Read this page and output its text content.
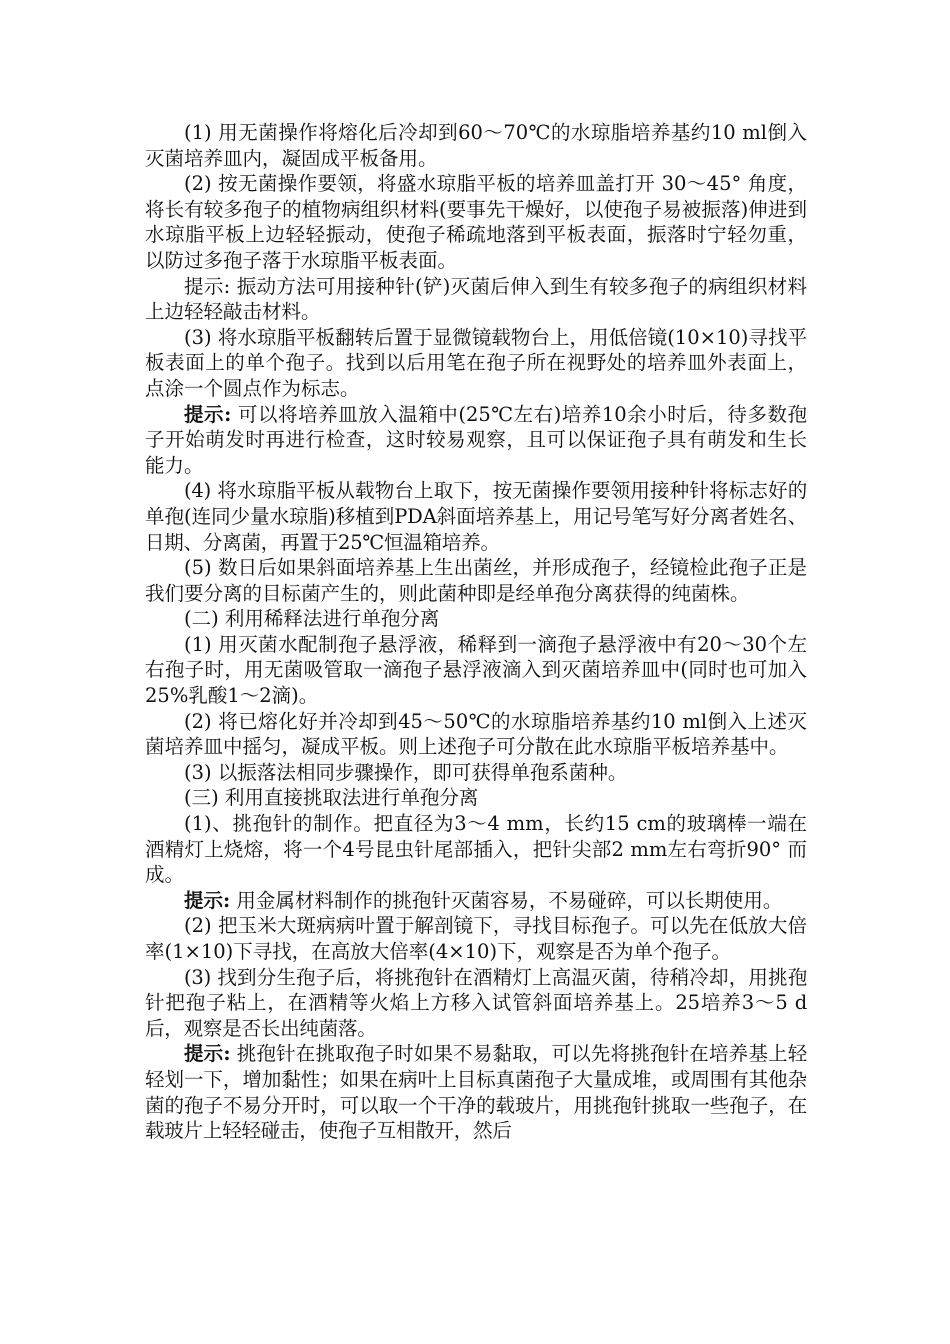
(1) 用无菌操作将熔化后冷却到60～70℃的水琼脂培养基约10 ml倒入灭菌培养皿内，凝固成平板备用。

(2) 按无菌操作要领，将盛水琼脂平板的培养皿盖打开 30～45° 角度，将长有较多孢子的植物病组织材料(要事先干燥好，以使孢子易被振落)伸进到水琼脂平板上边轻轻振动，使孢子稀疏地落到平板表面，振落时宁轻勿重，以防过多孢子落于水琼脂平板表面。

提示: 振动方法可用接种针(铲)灭菌后伸入到生有较多孢子的病组织材料上边轻轻敲击材料。

(3) 将水琼脂平板翻转后置于显微镜载物台上，用低倍镜(10×10)寻找平板表面上的单个孢子。找到以后用笔在孢子所在视野处的培养皿外表面上，点涂一个圆点作为标志。

提示: 可以将培养皿放入温箱中(25℃左右)培养10余小时后，待多数孢子开始萌发时再进行检查，这时较易观察，且可以保证孢子具有萌发和生长能力。

(4) 将水琼脂平板从载物台上取下，按无菌操作要领用接种针将标志好的单孢(连同少量水琼脂)移植到PDA斜面培养基上，用记号笔写好分离者姓名、日期、分离菌，再置于25℃恒温箱培养。

(5) 数日后如果斜面培养基上生出菌丝，并形成孢子，经镜检此孢子正是我们要分离的目标菌产生的，则此菌种即是经单孢分离获得的纯菌株。

(二) 利用稀释法进行单孢分离

(1) 用灭菌水配制孢子悬浮液，稀释到一滴孢子悬浮液中有20～30个左右孢子时，用无菌吸管取一滴孢子悬浮液滴入到灭菌培养皿中(同时也可加入25%乳酸1～2滴)。

(2) 将已熔化好并冷却到45～50℃的水琼脂培养基约10 ml倒入上述灭菌培养皿中摇匀，凝成平板。则上述孢子可分散在此水琼脂平板培养基中。

(3) 以振落法相同步骤操作，即可获得单孢系菌种。

(三) 利用直接挑取法进行单孢分离

(1)、挑孢针的制作。把直径为3～4 mm，长约15 cm的玻璃棒一端在酒精灯上烧熔，将一个4号昆虫针尾部插入，把针尖部2 mm左右弯折90° 而成。

提示: 用金属材料制作的挑孢针灭菌容易，不易碰碎，可以长期使用。

(2) 把玉米大斑病病叶置于解剖镜下，寻找目标孢子。可以先在低放大倍率(1×10)下寻找，在高放大倍率(4×10)下，观察是否为单个孢子。

(3) 找到分生孢子后，将挑孢针在酒精灯上高温灭菌，待稍冷却，用挑孢针把孢子粘上，在酒精等火焰上方移入试管斜面培养基上。25培养3～5 d后，观察是否长出纯菌落。

提示: 挑孢针在挑取孢子时如果不易黏取，可以先将挑孢针在培养基上轻轻划一下，增加黏性；如果在病叶上目标真菌孢子大量成堆，或周围有其他杂菌的孢子不易分开时，可以取一个干净的载玻片，用挑孢针挑取一些孢子，在载玻片上轻轻碰击，使孢子互相散开，然后
